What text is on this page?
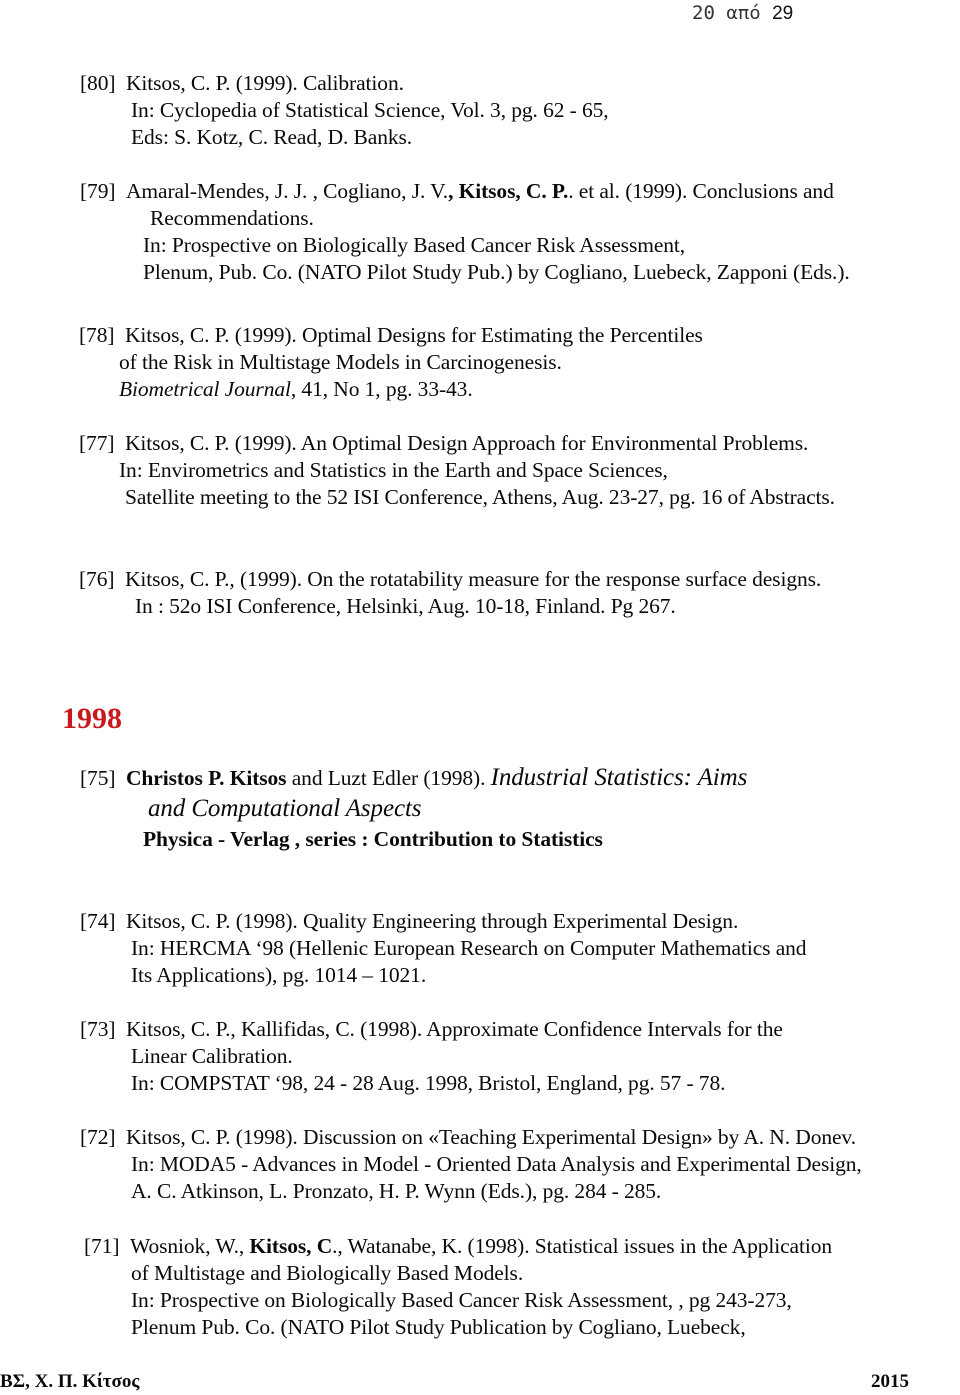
20 από 29
[80] Kitsos, C. P. (1999). Calibration.
In: Cyclopedia of Statistical Science, Vol. 3, pg. 62 - 65,
Eds: S. Kotz, C. Read, D. Banks.
[79] Amaral-Mendes, J. J. , Cogliano, J. V., Kitsos, C. P.. et al. (1999). Conclusions and
Recommendations.
In: Prospective on Biologically Based Cancer Risk Assessment,
Plenum, Pub. Co. (NATO Pilot Study Pub.) by Cogliano, Luebeck, Zapponi (Eds.).
[78] Kitsos, C. P. (1999). Optimal Designs for Estimating the Percentiles
of the Risk in Multistage Models in Carcinogenesis.
Biometrical Journal, 41, No 1, pg. 33-43.
[77] Kitsos, C. P. (1999). An Optimal Design Approach for Environmental Problems.
In: Envirometrics and Statistics in the Earth and Space Sciences,
Satellite meeting to the 52 ISI Conference, Athens, Aug. 23-27, pg. 16 of Abstracts.
[76] Kitsos, C. P., (1999). On the rotatability measure for the response surface designs.
In : 52o ISI Conference, Helsinki, Aug. 10-18, Finland. Pg 267.
1998
[75] Christos P. Kitsos and Luzt Edler (1998). Industrial Statistics: Aims
and Computational Aspects
Physica - Verlag , series : Contribution to Statistics
[74] Kitsos, C. P. (1998). Quality Engineering through Experimental Design.
In: HERCMA ‘98 (Hellenic European Research on Computer Mathematics and
Its Applications), pg. 1014 – 1021.
[73] Kitsos, C. P., Kallifidas, C. (1998). Approximate Confidence Intervals for the
Linear Calibration.
In: COMPSTAT ‘98, 24 - 28 Aug. 1998, Bristol, England, pg. 57 - 78.
[72] Kitsos, C. P. (1998). Discussion on «Teaching Experimental Design» by A. N. Donev.
In: MODA5 - Advances in Model - Oriented Data Analysis and Experimental Design,
A. C. Atkinson, L. Pronzato, H. P. Wynn (Eds.), pg. 284 - 285.
[71] Wosniok, W., Kitsos, C., Watanabe, K. (1998). Statistical issues in the Application
of Multistage and Biologically Based Models.
In: Prospective on Biologically Based Cancer Risk Assessment, , pg 243-273,
Plenum Pub. Co. (NATO Pilot Study Publication by Cogliano, Luebeck,
ΒΣ, Χ. Π. Κίτσος	2015
